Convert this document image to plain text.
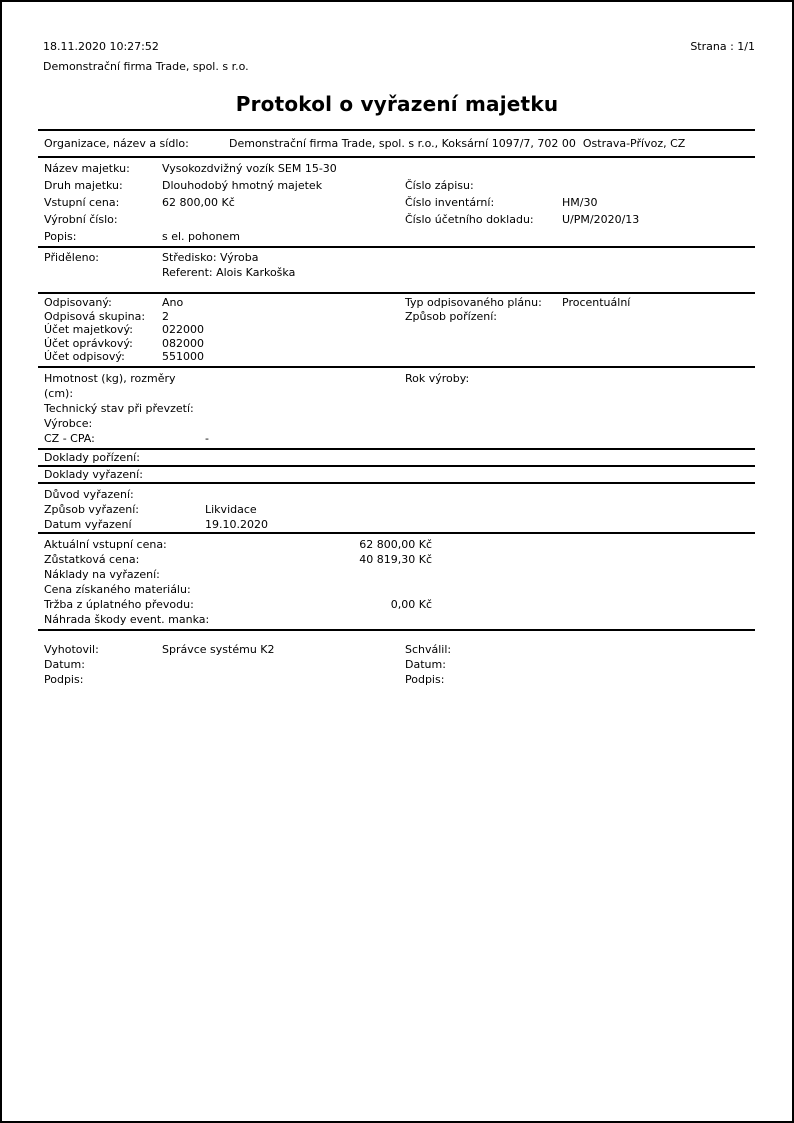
18.11.2020 10:27:52	Strana : 1/1
Demonstrační firma Trade, spol. s r.o.
Protokol o vyřazení majetku
Organizace, název a sídlo:	Demonstrační firma Trade, spol. s r.o., Koksární 1097/7, 702 00  Ostrava-Přívoz, CZ
Název majetku:	Vysokozdvižný vozík SEM 15-30
Druh majetku:	Dlouhodobý hmotný majetek
Vstupní cena:	62 800,00 Kč
Výrobní číslo:
Popis:	s el. pohonem
Číslo zápisu:
Číslo inventární:	HM/30
Číslo účetního dokladu:	U/PM/2020/13
Přiděleno:	Středisko: Výroba
Referent: Alois Karkoška
Odpisovaný:	Ano
Odpisová skupina:	2
Účet majetkový:	022000
Účet oprávkový:	082000
Účet odpisový:	551000
Typ odpisovaného plánu:	Procentuální
Způsob pořízení:
Hmotnost (kg), rozměry (cm):
Technický stav při převzetí:
Výrobce:
CZ - CPA:	-
Rok výroby:
Doklady pořízení:
Doklady vyřazení:
Důvod vyřazení:
Způsob vyřazení:	Likvidace
Datum vyřazení	19.10.2020
Aktuální vstupní cena:	62 800,00 Kč
Zůstatková cena:	40 819,30 Kč
Náklady na vyřazení:
Cena získaného materiálu:
Tržba z úplatného převodu:	0,00 Kč
Náhrada škody event. manka:
Vyhotovil:	Správce systému K2
Datum:
Podpis:
Schválil:
Datum:
Podpis:
